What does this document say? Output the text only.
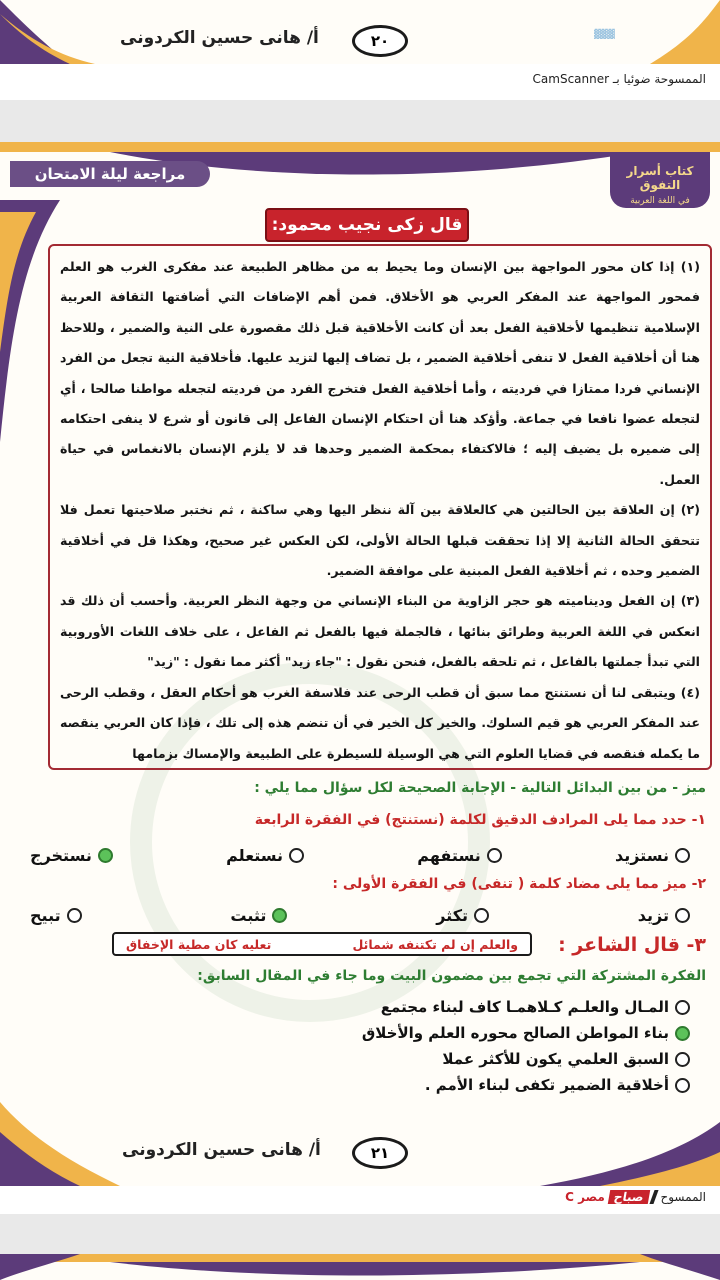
أ/ هانى حسين الكردونى	٢٠	▓▓▓
الممسوحة ضوئيا بـ CamScanner
مراجعة ليلة الامتحان	كتاب أسرار التفوق
في اللغة العربية
قال زكى نجيب محمود:

(١) إذا كان محور المواجهة بين الإنسان وما يحيط به من مظاهر الطبيعة عند مفكرى الغرب هو العلم فمحور المواجهة عند المفكر العربي هو الأخلاق. فمن أهم الإضافات التي أضافتها الثقافة العربية الإسلامية تنظيمها لأخلاقية الفعل بعد أن كانت الأخلاقية قبل ذلك مقصورة على النية والضمير ، وللاحظ هنا أن أخلاقية الفعل لا تنفى أخلاقية الضمير ، بل تضاف إليها لتزيد عليها. فأخلاقية النية تجعل من الفرد الإنساني فردا ممتازا في فرديته ، وأما أخلاقية الفعل فتخرج الفرد من فرديته لتجعله مواطنا صالحا ، أي لتجعله عضوا نافعا في جماعة. وأؤكد هنا أن احتكام الإنسان الفاعل إلى قانون أو شرع لا ينفى احتكامه إلى ضميره بل يضيف إليه ؛ فالاكتفاء بمحكمة الضمير وحدها قد لا يلزم الإنسان بالانغماس في حياة العمل.

(٢) إن العلاقة بين الحالتين هي كالعلاقة بين آلة ننظر اليها وهي ساكنة ، ثم نختبر صلاحيتها تعمل فلا تتحقق الحالة الثانية إلا إذا تحققت قبلها الحالة الأولى، لكن العكس غير صحيح، وهكذا قل في أخلاقية الضمير وحده ، ثم أخلاقية الفعل المبنية على موافقة الضمير.

(٣) إن الفعل وديناميته هو حجر الزاوية من البناء الإنساني من وجهة النظر العربية. وأحسب أن ذلك قد انعكس في اللغة العربية وطرائق بنائها ، فالجملة فيها بالفعل ثم الفاعل ، على خلاف اللغات الأوروبية التي تبدأ جملتها بالفاعل ، ثم تلحقه بالفعل، فنحن نقول : "جاء زيد" أكثر مما نقول : "زيد"

(٤) ويتبقى لنا أن نستنتج مما سبق أن قطب الرحى عند فلاسفة الغرب هو أحكام العقل ، وقطب الرحى عند المفكر العربي هو قيم السلوك. والخير كل الخير في أن تنضم هذه إلى تلك ، فإذا كان العربي ينقصه ما يكمله فنقصه في قضايا العلوم التي هي الوسيلة للسيطرة على الطبيعة والإمساك بزمامها

ميز - من بين البدائل التالية - الإجابة الصحيحة لكل سؤال مما يلي :
١- حدد مما يلى المرادف الدقيق لكلمة (نستنتج) في الفقرة الرابعة
نستزيد
نستفهم
نستعلم
نستخرج
٢- ميز مما يلى مضاد كلمة ( تنفى) في الفقرة الأولى :
تزيد
تكثر
تثبت
تبيح
٣- قال الشاعر :
والعلم إن لم تكتنفه شمائل
تعليه كان مطية الإخفاق
الفكرة المشتركة التي تجمع بين مضمون البيت وما جاء في المقال السابق:
المـال والعلـم كـلاهمـا كاف لبناء مجتمع
بناء المواطن الصالح محوره العلم والأخلاق
السبق العلمي يكون للأكثر عملا
أخلاقية الضمير تكفى لبناء الأمم .
أ/ هانى حسين الكردونى	٢١
الممسوح
صباح
مصر C
